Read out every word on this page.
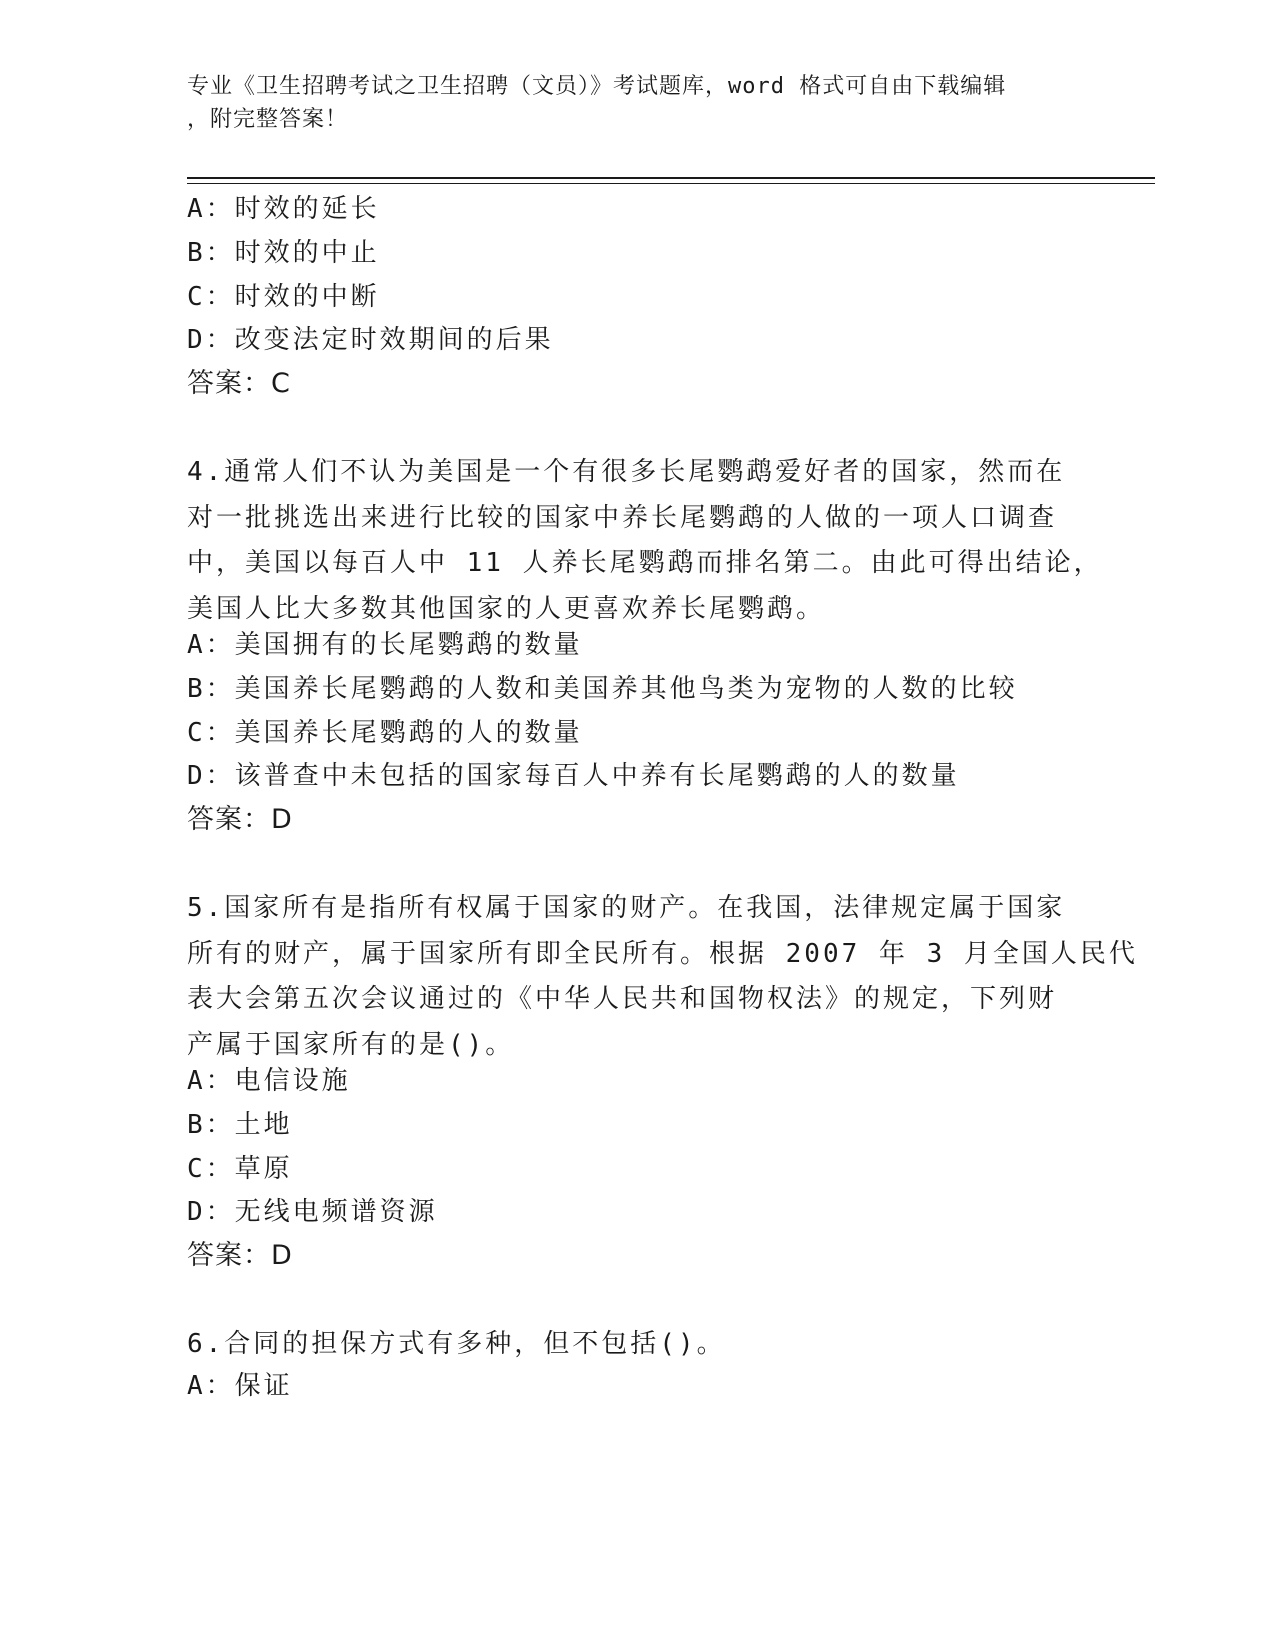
专业《卫生招聘考试之卫生招聘（文员）》考试题库，word 格式可自由下载编辑
，附完整答案！
A：时效的延长
B：时效的中止
C：时效的中断
D：改变法定时效期间的后果
答案：C
4.通常人们不认为美国是一个有很多长尾鹦鹉爱好者的国家，然而在
对一批挑选出来进行比较的国家中养长尾鹦鹉的人做的一项人口调查
中，美国以每百人中 11 人养长尾鹦鹉而排名第二。由此可得出结论，
美国人比大多数其他国家的人更喜欢养长尾鹦鹉。
A：美国拥有的长尾鹦鹉的数量
B：美国养长尾鹦鹉的人数和美国养其他鸟类为宠物的人数的比较
C：美国养长尾鹦鹉的人的数量
D：该普查中未包括的国家每百人中养有长尾鹦鹉的人的数量
答案：D
5.国家所有是指所有权属于国家的财产。在我国，法律规定属于国家
所有的财产，属于国家所有即全民所有。根据 2007 年 3 月全国人民代
表大会第五次会议通过的《中华人民共和国物权法》的规定，下列财
产属于国家所有的是()。
A：电信设施
B：土地
C：草原
D：无线电频谱资源
答案：D
6.合同的担保方式有多种，但不包括()。
A：保证
